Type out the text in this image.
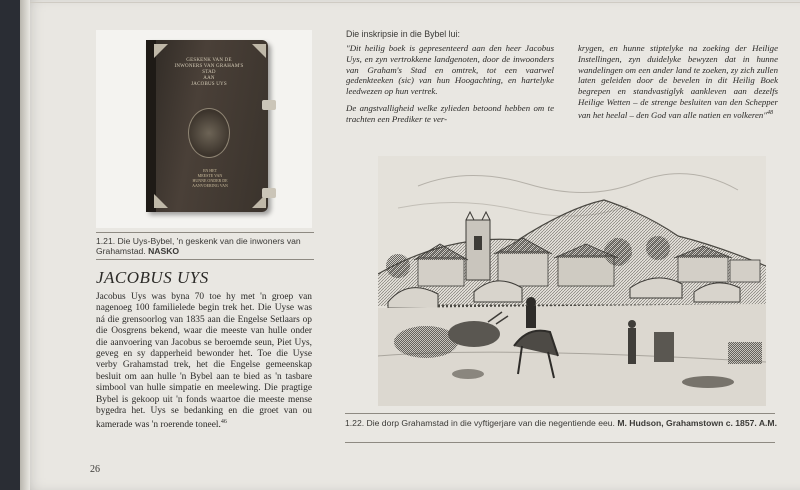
GESKENK VAN DE
INWONERS VAN GRAHAM'S STAD
AAN
JACOBUS UYS
EN HET
MEESTE VAN
HUNNE ONDER DE
AANVOERING VAN
1.21. Die Uys-Bybel, 'n geskenk van die inwoners van Grahamstad. NASKO
JACOBUS UYS
Jacobus Uys was byna 70 toe hy met 'n groep van nagenoeg 100 familielede begin trek het. Die Uyse was ná die grensoorlog van 1835 aan die Engelse Setlaars op die Oosgrens bekend, waar die meeste van hulle onder die aanvoering van Jacobus se beroemde seun, Piet Uys, geveg en sy dapperheid bewonder het. Toe die Uyse verby Grahamstad trek, het die Engelse gemeenskap besluit om aan hulle 'n Bybel aan te bied as 'n tasbare simbool van hulle simpatie en meelewing. Die pragtige Bybel is gekoop uit 'n fonds waartoe die meeste mense bygedra het. Uys se bedanking en die groet van ou kamerade was 'n roerende toneel.$^{46}$
26
Die inskripsie in die Bybel lui:

"Dit heilig boek is gepresenteerd aan den heer Jacobus Uys, en zyn vertrokkene landgenoten, door de inwoonders van Graham's Stad en omtrek, tot een vaarwel gedenkteeken (sic) van hun Hoogachting, en hartelyke leedwezen op hun vertrek.

De angstvalligheid welke zylieden betoond hebben om te trachten een Prediker te ver-

krygen, en hunne stiptelyke na zoeking der Heilige Instellingen, zyn duidelyke bewyzen dat in hunne wandelingen om een ander land te zoeken, zy zich zullen laten geleiden door de bevelen in dit Heilig Boek begrepen en standvastiglyk aankleven aan dezelfs Heilige Wetten – de strenge besluiten van den Schepper van het heelal – den God van alle natien en volkeren"$^{48}$

1.22. Die dorp Grahamstad in die vyftigerjare van die negentiende eeu. M. Hudson, Grahamstown c. 1857. A.M.
